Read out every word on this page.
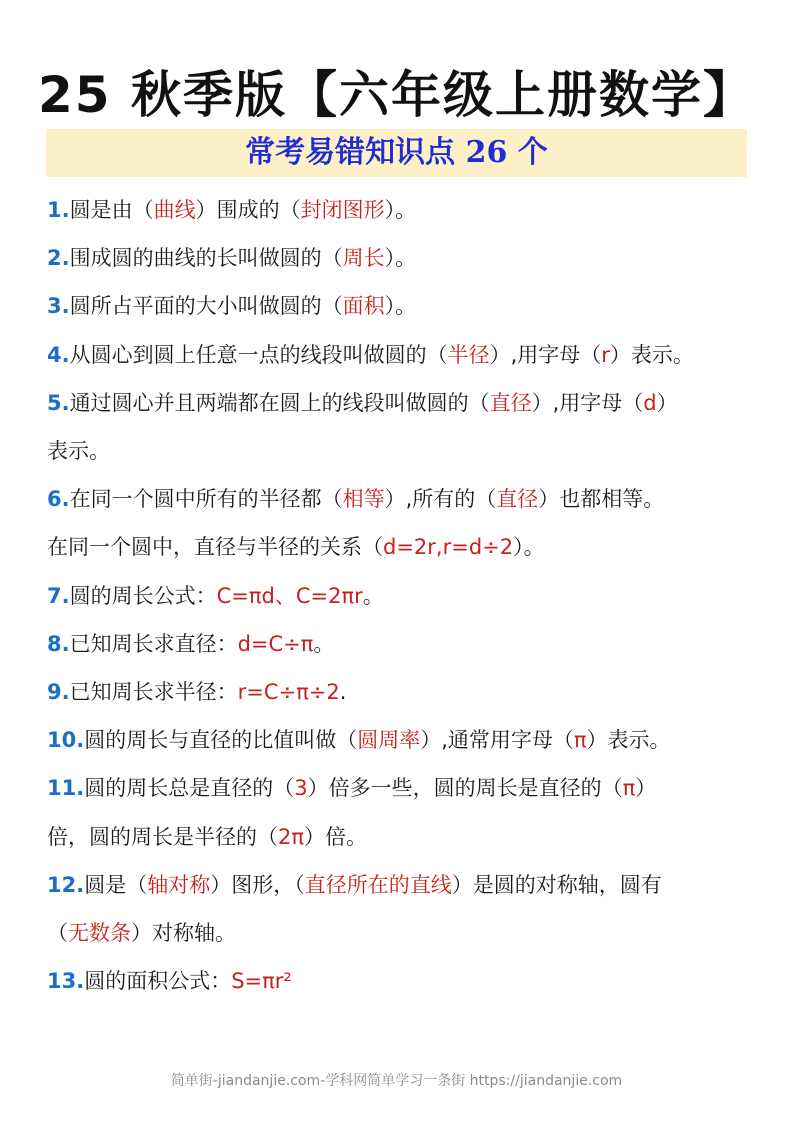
25 秋季版【六年级上册数学】
常考易错知识点 26 个
1.圆是由（曲线）围成的（封闭图形）。
2.围成圆的曲线的长叫做圆的（周长）。
3.圆所占平面的大小叫做圆的（面积）。
4.从圆心到圆上任意一点的线段叫做圆的（半径）,用字母（r）表示。
5.通过圆心并且两端都在圆上的线段叫做圆的（直径）,用字母（d）
表示。
6.在同一个圆中所有的半径都（相等）,所有的（直径）也都相等。
在同一个圆中，直径与半径的关系（d=2r,r=d÷2）。
7.圆的周长公式：C=πd、C=2πr。
8.已知周长求直径：d=C÷π。
9.已知周长求半径：r=C÷π÷2.
10.圆的周长与直径的比值叫做（圆周率）,通常用字母（π）表示。
11.圆的周长总是直径的（3）倍多一些，圆的周长是直径的（π）
倍，圆的周长是半径的（2π）倍。
12.圆是（轴对称）图形，（直径所在的直线）是圆的对称轴，圆有
（无数条）对称轴。
13.圆的面积公式：S=πr²
简单街-jiandanjie.com-学科网简单学习一条街 https://jiandanjie.com
